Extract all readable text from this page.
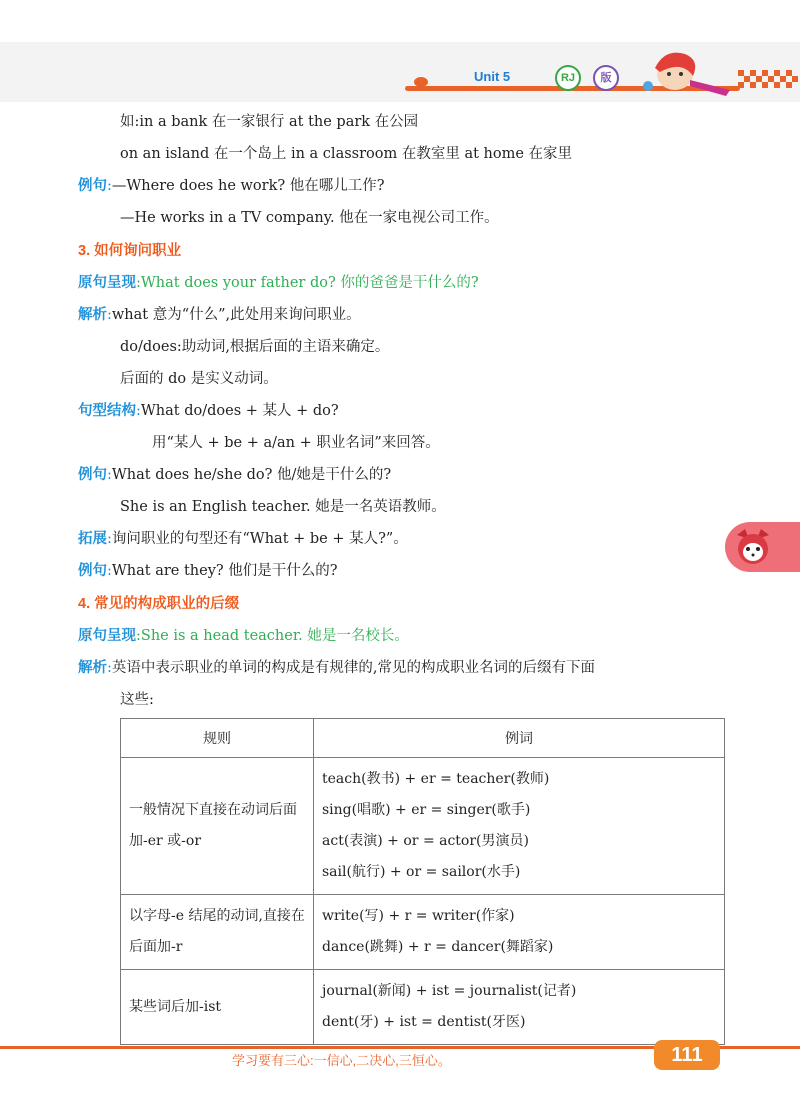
Unit 5	RJ	版
如:in a bank 在一家银行 at the park 在公园
on an island 在一个岛上 in a classroom 在教室里 at home 在家里
例句:—Where does he work? 他在哪儿工作?
—He works in a TV company. 他在一家电视公司工作。
3. 如何询问职业
原句呈现:What does your father do? 你的爸爸是干什么的?
解析:what 意为“什么”,此处用来询问职业。
do/does:助动词,根据后面的主语来确定。
后面的 do 是实义动词。
句型结构:What do/does + 某人 + do?
用“某人 + be + a/an + 职业名词”来回答。
例句:What does he/she do? 他/她是干什么的?
She is an English teacher. 她是一名英语教师。
拓展:询问职业的句型还有“What + be + 某人?”。
例句:What are they? 他们是干什么的?
4. 常见的构成职业的后缀
原句呈现:She is a head teacher. 她是一名校长。
解析:英语中表示职业的单词的构成是有规律的,常见的构成职业名词的后缀有下面
这些:
规则	例词
一般情况下直接在动词后面加-er 或-or	teach(教书) + er = teacher(教师)
sing(唱歌) + er = singer(歌手)
act(表演) + or = actor(男演员)
sail(航行) + or = sailor(水手)

以字母-e 结尾的动词,直接在后面加-r	write(写) + r = writer(作家)
dance(跳舞) + r = dancer(舞蹈家)

某些词后加-ist	journal(新闻) + ist = journalist(记者)
dent(牙) + ist = dentist(牙医)
学习要有三心:一信心,二决心,三恒心。	111
